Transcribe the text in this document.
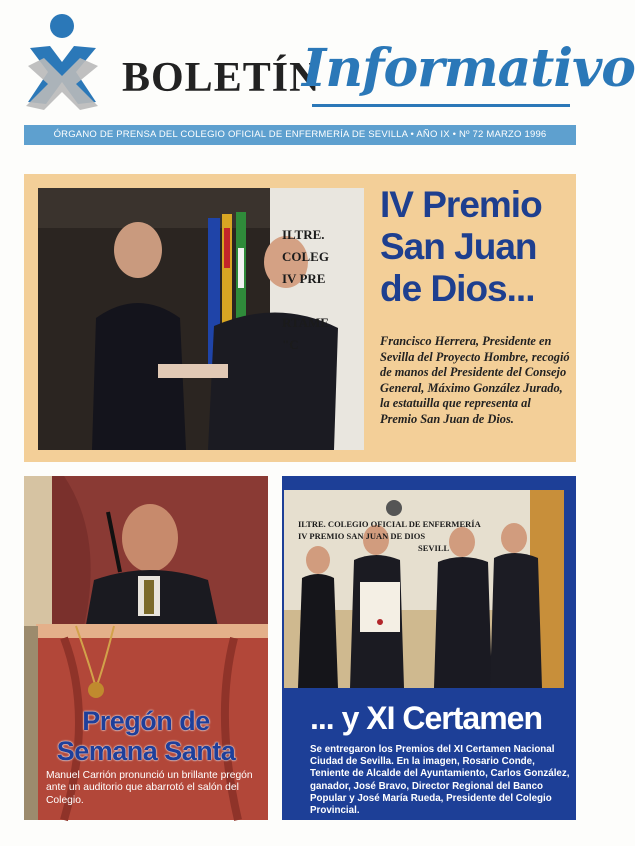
BOLETÍN
Informativo
ÓRGANO DE PRENSA DEL COLEGIO OFICIAL DE ENFERMERÍA DE SEVILLA • AÑO IX • Nº 72 MARZO 1996
ILTRE. COLEG
IV PRE
RTAME
"C
IV Premio
San Juan
de Dios...
Francisco Herrera, Presidente en Sevilla del Proyecto Hombre, recogió de manos del Presidente del Consejo General, Máximo González Jurado, la estatuilla que representa al Premio San Juan de Dios.
Pregón de
Semana Santa
Manuel Carrión pronunció un brillante pregón ante un auditorio que abarrotó el salón del Colegio.
ILTRE. COLEGIO OFICIAL DE ENFERMERÍA
IV PREMIO SAN JUAN DE DIOS
SEVILL
... y XI Certamen
Se entregaron los Premios del XI Certamen Nacional Ciudad de Sevilla. En la imagen, Rosario Conde, Teniente de Alcalde del Ayuntamiento, Carlos González, ganador, José Bravo, Director Regional del Banco Popular y José María Rueda, Presidente del Colegio Provincial.
